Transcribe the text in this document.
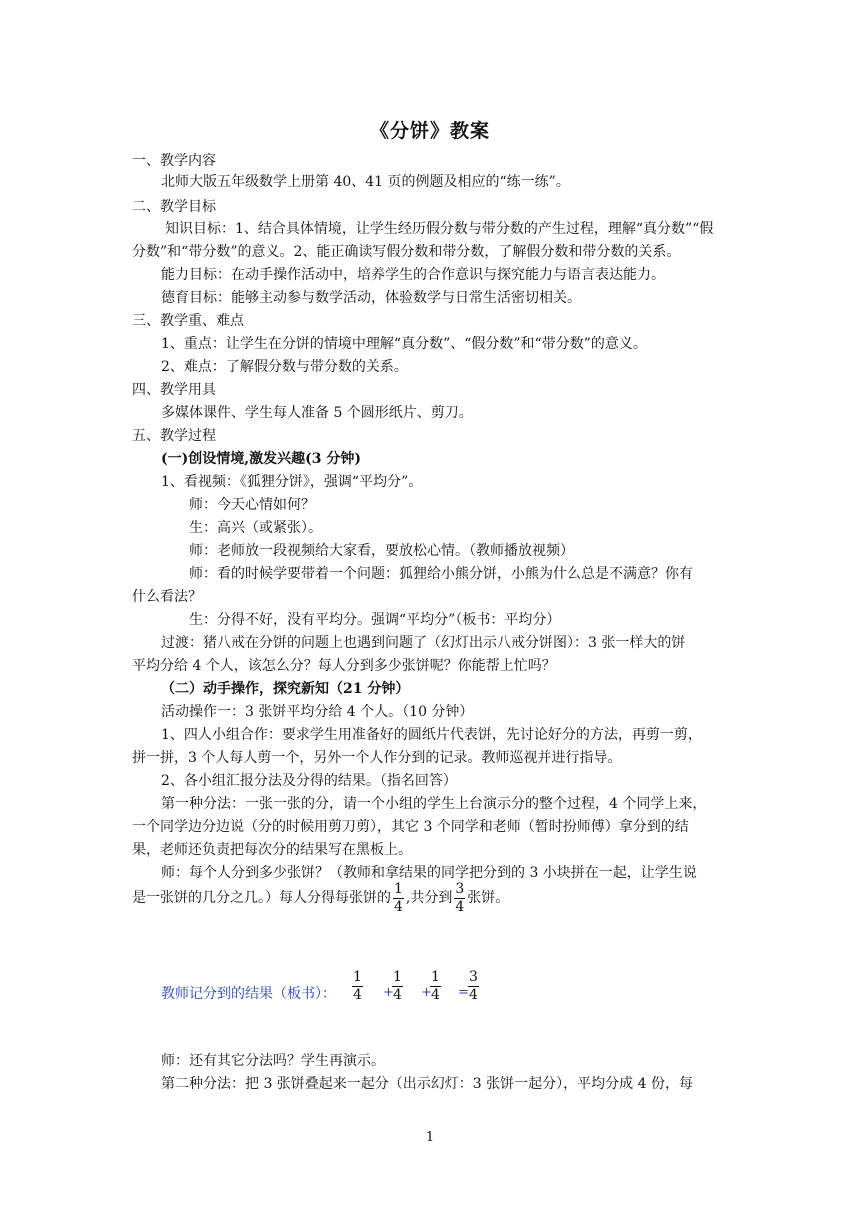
《分饼》教案
一、教学内容
北师大版五年级数学上册第 40、41 页的例题及相应的“练一练”。
二、教学目标
知识目标：1、结合具体情境，让学生经历假分数与带分数的产生过程，理解“真分数”“假
分数”和“带分数”的意义。2、能正确读写假分数和带分数，了解假分数和带分数的关系。
能力目标：在动手操作活动中，培养学生的合作意识与探究能力与语言表达能力。
德育目标：能够主动参与数学活动，体验数学与日常生活密切相关。
三、教学重、难点
1、重点：让学生在分饼的情境中理解“真分数”、“假分数”和“带分数”的意义。
2、难点：了解假分数与带分数的关系。
四、教学用具
多媒体课件、学生每人准备 5 个圆形纸片、剪刀。
五、教学过程
(一)创设情境,激发兴趣(3 分钟)
1、看视频：《狐狸分饼》，强调“平均分”。
师：今天心情如何？
生：高兴（或紧张）。
师：老师放一段视频给大家看，要放松心情。（教师播放视频）
师：看的时候学要带着一个问题：狐狸给小熊分饼，小熊为什么总是不满意？你有
什么看法？
生：分得不好，没有平均分。强调“平均分”（板书：平均分）
过渡：猪八戒在分饼的问题上也遇到问题了（幻灯出示八戒分饼图）：3 张一样大的饼
平均分给 4 个人，该怎么分？每人分到多少张饼呢？你能帮上忙吗？
（二）动手操作，探究新知（21 分钟）
活动操作一：3 张饼平均分给 4 个人。（10 分钟）
1、四人小组合作：要求学生用准备好的圆纸片代表饼，先讨论好分的方法，再剪一剪，
拼一拼，3 个人每人剪一个，另外一个人作分到的记录。教师巡视并进行指导。
2、各小组汇报分法及分得的结果。（指名回答）
第一种分法：一张一张的分，请一个小组的学生上台演示分的整个过程，4 个同学上来，
一个同学边分边说（分的时候用剪刀剪），其它 3 个同学和老师（暂时扮师傅）拿分到的结
果，老师还负责把每次分的结果写在黑板上。
师：每个人分到多少张饼？（教师和拿结果的同学把分到的 3 小块拼在一起，让学生说
是一张饼的几分之几。）每人分得每张饼的 $\frac{1}{4}$ ,共分到 $\frac{3}{4}$ 张饼。
教师记分到的结果（板书）： $\frac{1}{4}$ +
$\frac{1}{4}$ +
$\frac{1}{4} = \frac{3}{4}$
师：还有其它分法吗？学生再演示。
第二种分法：把 3 张饼叠起来一起分（出示幻灯：3 张饼一起分），平均分成 4 份，每
1
